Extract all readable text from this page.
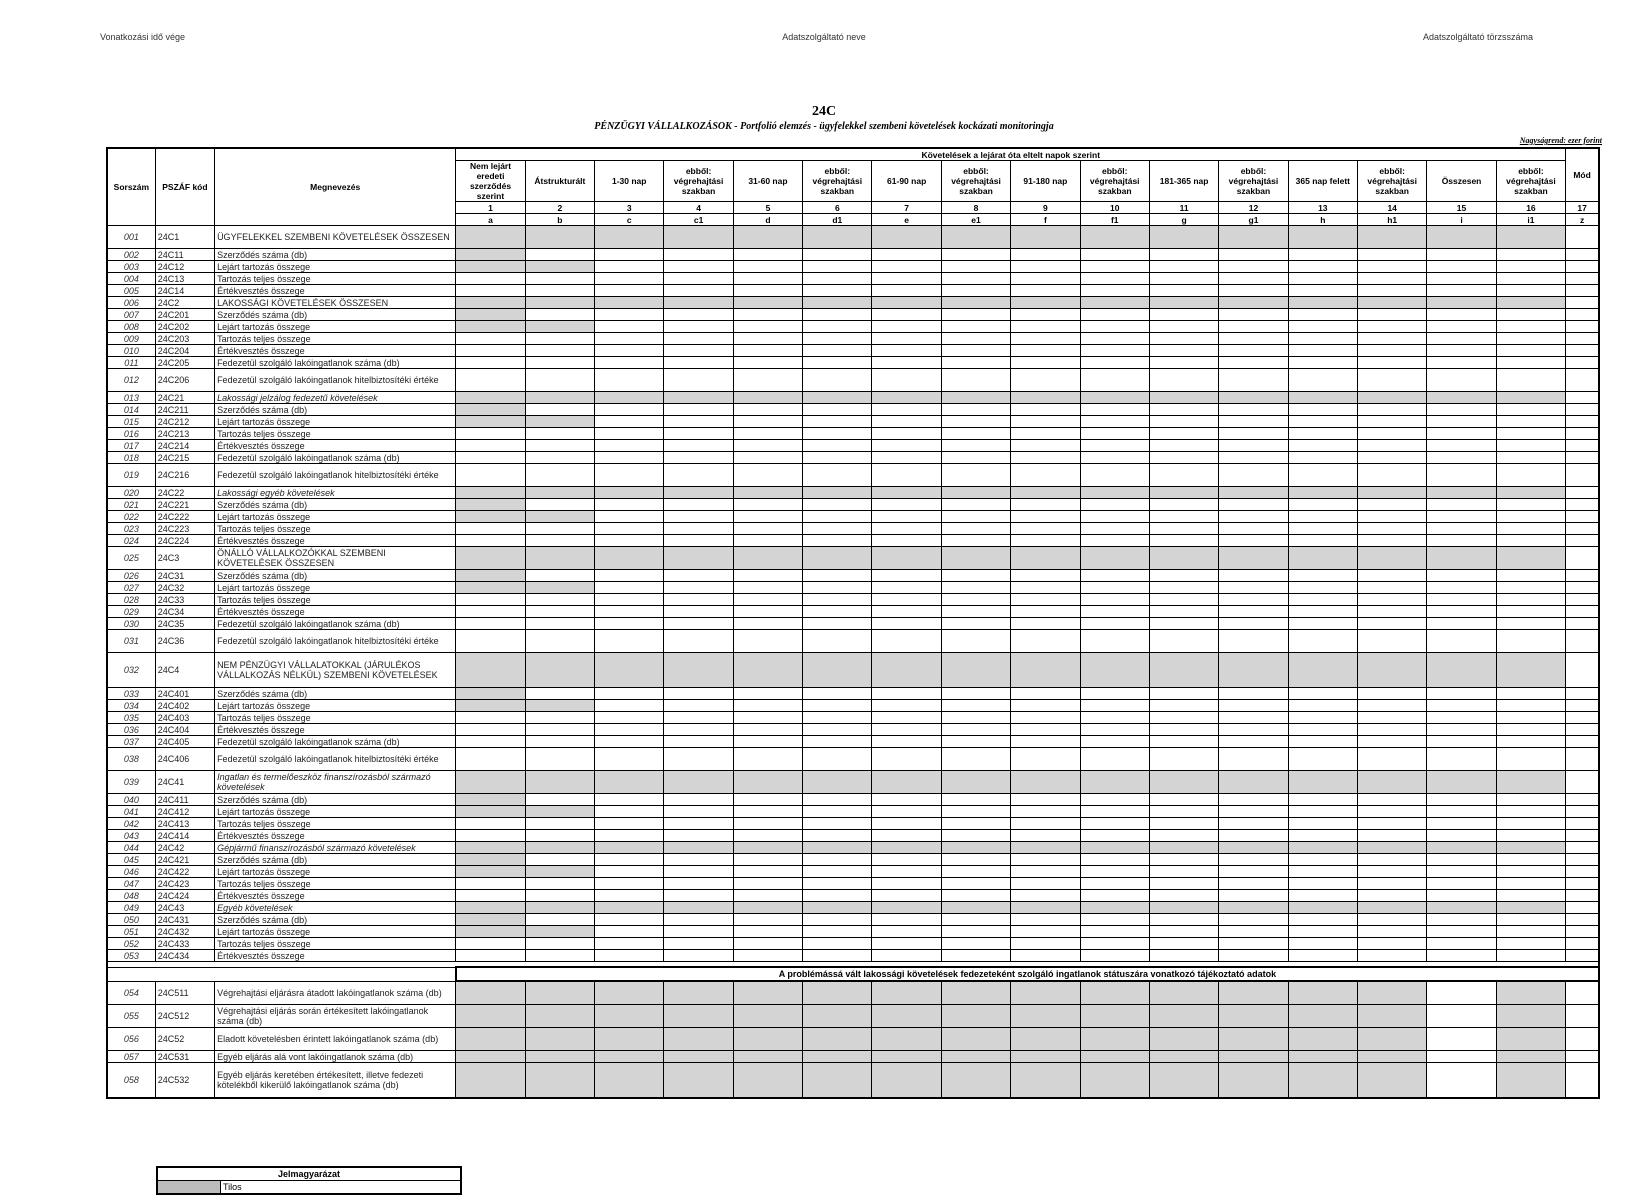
Vonatkozási idő vége	Adatszolgáltató neve	Adatszolgáltató törzsszáma
24C
PÉNZÜGYI VÁLLALKOZÁSOK - Portfolió elemzés - ügyfelekkel szembeni követelések kockázati monitoringja
Nagyságrend: ezer forint
Sorszám	PSZÁF kód	Megnevezés	Követelések a lejárat óta eltelt napok szerint																Mód
			Nem lejárt eredeti szerződés szerint	Átstrukturált	1-30 nap	ebből: végrehajtási szakban	31-60 nap	ebből: végrehajtási szakban	61-90 nap	ebből: végrehajtási szakban	91-180 nap	ebből: végrehajtási szakban	181-365 nap	ebből: végrehajtási szakban	365 nap felett	ebből: végrehajtási szakban	Összesen	ebből: végrehajtási szakban	
			1	2	3	4	5	6	7	8	9	10	11	12	13	14	15	16	17
			a	b	c	c1	d	d1	e	e1	f	f1	g	g1	h	h1	i	i1	z
001	24C1	ÜGYFELEKKEL SZEMBENI KÖVETELÉSEK ÖSSZESEN																	
002	24C11	Szerződés száma (db)																	
003	24C12	Lejárt tartozás összege																	
004	24C13	Tartozás teljes összege																	
005	24C14	Értékvesztés összege																	
006	24C2	LAKOSSÁGI KÖVETELÉSEK ÖSSZESEN																	
007	24C201	Szerződés száma (db)																	
008	24C202	Lejárt tartozás összege																	
009	24C203	Tartozás teljes összege																	
010	24C204	Értékvesztés összege																	
011	24C205	Fedezetül szolgáló lakóingatlanok száma (db)																	
012	24C206	Fedezetül szolgáló lakóingatlanok hitelbiztosítéki értéke																	
013	24C21	Lakossági jelzálog fedezetű követelések																	
014	24C211	Szerződés száma (db)																	
015	24C212	Lejárt tartozás összege																	
016	24C213	Tartozás teljes összege																	
017	24C214	Értékvesztés összege																	
018	24C215	Fedezetül szolgáló lakóingatlanok száma (db)																	
019	24C216	Fedezetül szolgáló lakóingatlanok hitelbiztosítéki értéke																	
020	24C22	Lakossági egyéb követelések																	
021	24C221	Szerződés száma (db)																	
022	24C222	Lejárt tartozás összege																	
023	24C223	Tartozás teljes összege																	
024	24C224	Értékvesztés összege																	
025	24C3	ÖNÁLLÓ VÁLLALKOZÓKKAL SZEMBENI KÖVETELÉSEK ÖSSZESEN																	
026	24C31	Szerződés száma (db)																	
027	24C32	Lejárt tartozás összege																	
028	24C33	Tartozás teljes összege																	
029	24C34	Értékvesztés összege																	
030	24C35	Fedezetül szolgáló lakóingatlanok száma (db)																	
031	24C36	Fedezetül szolgáló lakóingatlanok hitelbiztosítéki értéke																	
032	24C4	NEM PÉNZÜGYI VÁLLALATOKKAL (JÁRULÉKOS VÁLLALKOZÁS NÉLKÜL) SZEMBENI KÖVETELÉSEK																	
033	24C401	Szerződés száma (db)																	
034	24C402	Lejárt tartozás összege																	
035	24C403	Tartozás teljes összege																	
036	24C404	Értékvesztés összege																	
037	24C405	Fedezetül szolgáló lakóingatlanok száma (db)																	
038	24C406	Fedezetül szolgáló lakóingatlanok hitelbiztosítéki értéke																	
039	24C41	Ingatlan és termelőeszköz finanszírozásból származó követelések																	
040	24C411	Szerződés száma (db)																	
041	24C412	Lejárt tartozás összege																	
042	24C413	Tartozás teljes összege																	
043	24C414	Értékvesztés összege																	
044	24C42	Gépjármű finanszírozásból származó követelések																	
045	24C421	Szerződés száma (db)																	
046	24C422	Lejárt tartozás összege																	
047	24C423	Tartozás teljes összege																	
048	24C424	Értékvesztés összege																	
049	24C43	Egyéb követelések																	
050	24C431	Szerződés száma (db)																	
051	24C432	Lejárt tartozás összege																	
052	24C433	Tartozás teljes összege																	
053	24C434	Értékvesztés összege																	

			A problémássá vált lakossági követelések fedezeteként szolgáló ingatlanok státuszára vonatkozó tájékoztató adatok																
054	24C511	Végrehajtási eljárásra átadott lakóingatlanok száma (db)																	
055	24C512	Végrehajtási eljárás során értékesített lakóingatlanok száma (db)																	
056	24C52	Eladott követelésben érintett lakóingatlanok száma (db)																	
057	24C531	Egyéb eljárás alá vont lakóingatlanok száma (db)																	
058	24C532	Egyéb eljárás keretében értékesített, illetve fedezeti kötelékből kikerülő lakóingatlanok száma (db)																	
Jelmagyarázat
	Tilos
